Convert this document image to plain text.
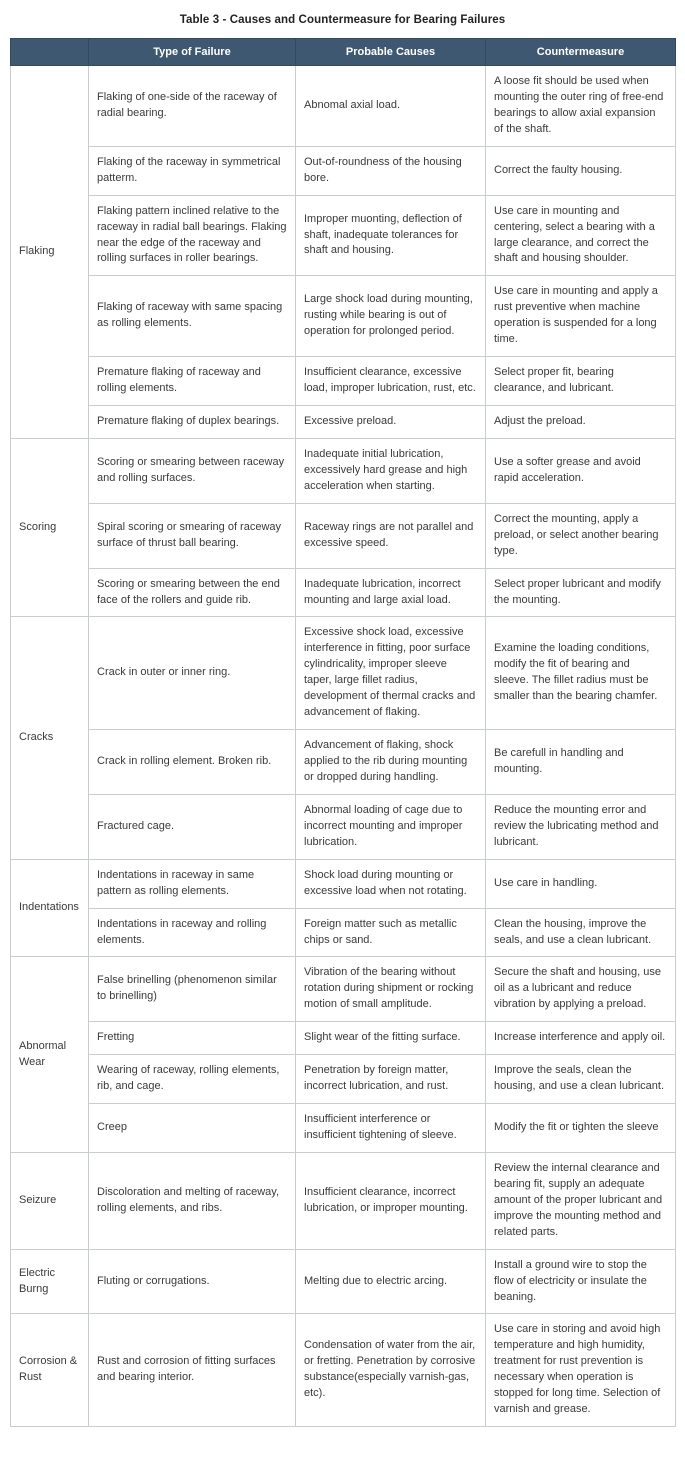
Table 3 - Causes and Countermeasure for Bearing Failures
	Type of Failure	Probable Causes	Countermeasure
Flaking	Flaking of one-side of the raceway of radial bearing.	Abnomal axial load.	A loose fit should be used when mounting the outer ring of free-end bearings to allow axial expansion of the shaft.
	Flaking of the raceway in symmetrical patterm.	Out-of-roundness of the housing bore.	Correct the faulty housing.
	Flaking pattern inclined relative to the raceway in radial ball bearings. Flaking near the edge of the raceway and rolling surfaces in roller bearings.	Improper muonting, deflection of shaft, inadequate tolerances for shaft and housing.	Use care in mounting and centering, select a bearing with a large clearance, and correct the shaft and housing shoulder.
	Flaking of raceway with same spacing as rolling elements.	Large shock load during mounting, rusting while bearing is out of operation for prolonged period.	Use care in mounting and apply a rust preventive when machine operation is suspended for a long time.
	Premature flaking of raceway and rolling elements.	Insufficient clearance, excessive load, improper lubrication, rust, etc.	Select proper fit, bearing clearance, and lubricant.
	Premature flaking of duplex bearings.	Excessive preload.	Adjust the preload.
Scoring	Scoring or smearing between raceway and rolling surfaces.	Inadequate initial lubrication, excessively hard grease and high acceleration when starting.	Use a softer grease and avoid rapid acceleration.
	Spiral scoring or smearing of raceway surface of thrust ball bearing.	Raceway rings are not parallel and excessive speed.	Correct the mounting, apply a preload, or select another bearing type.
	Scoring or smearing between the end face of the rollers and guide rib.	Inadequate lubrication, incorrect mounting and large axial load.	Select proper lubricant and modify the mounting.
Cracks	Crack in outer or inner ring.	Excessive shock load, excessive interference in fitting, poor surface cylindricality, improper sleeve taper, large fillet radius, development of thermal cracks and advancement of flaking.	Examine the loading conditions, modify the fit of bearing and sleeve. The fillet radius must be smaller than the bearing chamfer.
	Crack in rolling element. Broken rib.	Advancement of flaking, shock applied to the rib during mounting or dropped during handling.	Be carefull in handling and mounting.
	Fractured cage.	Abnormal loading of cage due to incorrect mounting and improper lubrication.	Reduce the mounting error and review the lubricating method and lubricant.
Indentations	Indentations in raceway in same pattern as rolling elements.	Shock load during mounting or excessive load when not rotating.	Use care in handling.
	Indentations in raceway and rolling elements.	Foreign matter such as metallic chips or sand.	Clean the housing, improve the seals, and use a clean lubricant.
Abnormal Wear	False brinelling (phenomenon similar to brinelling)	Vibration of the bearing without rotation during shipment or rocking motion of small amplitude.	Secure the shaft and housing, use oil as a lubricant and reduce vibration by applying a preload.
	Fretting	Slight wear of the fitting surface.	Increase interference and apply oil.
	Wearing of raceway, rolling elements, rib, and cage.	Penetration by foreign matter, incorrect lubrication, and rust.	Improve the seals, clean the housing, and use a clean lubricant.
	Creep	Insufficient interference or insufficient tightening of sleeve.	Modify the fit or tighten the sleeve
Seizure	Discoloration and melting of raceway, rolling elements, and ribs.	Insufficient clearance, incorrect lubrication, or improper mounting.	Review the internal clearance and bearing fit, supply an adequate amount of the proper lubricant and improve the mounting method and related parts.
Electric Burng	Fluting or corrugations.	Melting due to electric arcing.	Install a ground wire to stop the flow of electricity or insulate the beaning.
Corrosion & Rust	Rust and corrosion of fitting surfaces and bearing interior.	Condensation of water from the air, or fretting. Penetration by corrosive substance(especially varnish-gas, etc).	Use care in storing and avoid high temperature and high humidity, treatment for rust prevention is necessary when operation is stopped for long time. Selection of varnish and grease.
